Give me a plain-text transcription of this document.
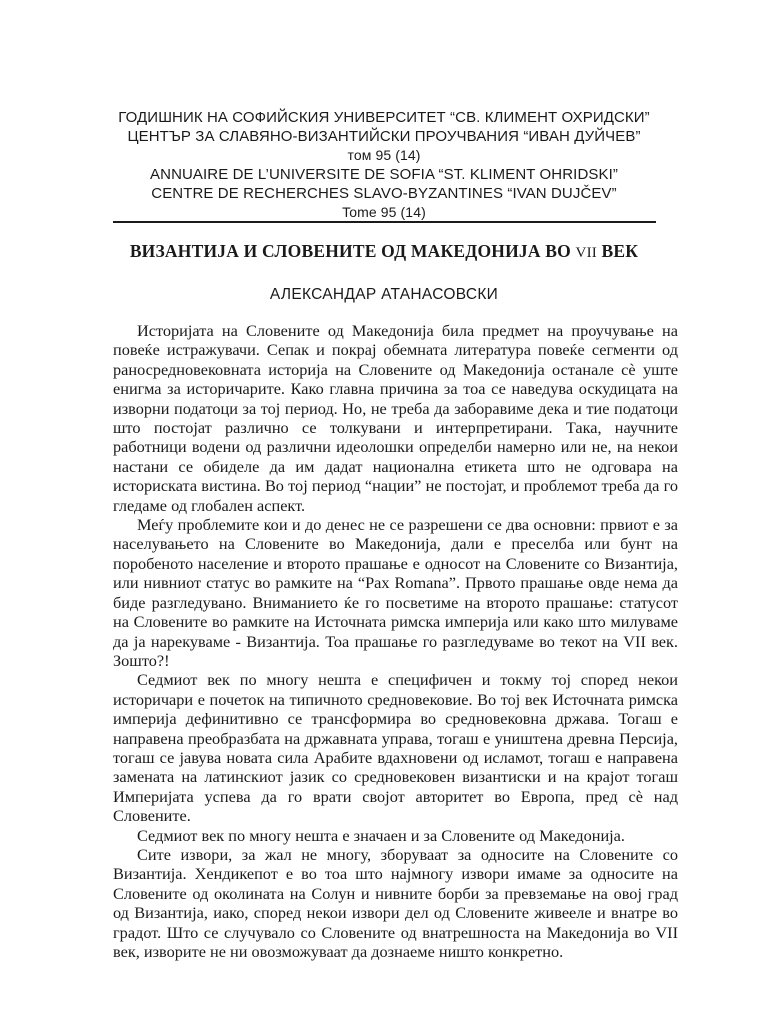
ГОДИШНИК НА СОФИЙСКИЯ УНИВЕРСИТЕТ “СВ. КЛИМЕНТ ОХРИДСКИ”
ЦЕНТЪР ЗА СЛАВЯНО-ВИЗАНТИЙСКИ ПРОУЧВАНИЯ “ИВАН ДУЙЧЕВ”
том 95 (14)
ANNUAIRE DE L’UNIVERSITE DE SOFIA “ST. KLIMENT OHRIDSKI”
CENTRE DE RECHERCHES SLAVO-BYZANTINES “IVAN DUJČEV”
Tome 95 (14)
ВИЗАНТИЈА И СЛОВЕНИТЕ ОД МАКЕДОНИЈА ВО VII ВЕК
АЛЕКСАНДАР АТАНАСОВСКИ

Историјата на Словените од Македонија била предмет на проучување на повеќе истражувачи. Сепак и покрај обемната литература повеќе сегменти од раносредновековната историја на Словените од Македонија останале сѐ уште енигма за историчарите. Како главна причина за тоа се наведува оскудицата на изворни податоци за тој период. Но, не треба да заборавиме дека и тие податоци што постојат различно се толкувани и интерпретирани. Така, научните работници водени од различни идеолошки определби намерно или не, на некои настани се обиделе да им дадат национална етикета што не одговара на историската вистина. Во тој период “нации” не постојат, и проблемот треба да го гледаме од глобален аспект.

Меѓу проблемите кои и до денес не се разрешени се два основни: првиот е за населувањето на Словените во Македонија, дали е преселба или бунт на поробеното население и второто прашање е односот на Словените со Византија, или нивниот статус во рамките на “Pax Romana”. Првото прашање овде нема да биде разгледувано. Вниманието ќе го посветиме на второто прашање: статусот на Словените во рамките на Источната римска империја или како што милуваме да ја нарекуваме - Византија. Тоа прашање го разгледуваме во текот на VII век. Зошто?!

Седмиот век по многу нешта е специфичен и токму тој според некои историчари е почеток на типичното средновековие. Во тој век Источната римска империја дефинитивно се трансформира во средновековна држава. Тогаш е направена преобразбата на државната управа, тогаш е уништена древна Персија, тогаш се јавува новата сила Арабите вдахновени од исламот, тогаш е направена замената на латинскиот јазик со средновековен византиски и на крајот тогаш Империјата успева да го врати својот авторитет во Европа, пред сѐ над Словените.

Седмиот век по многу нешта е значаен и за Словените од Македонија.

Сите извори, за жал не многу, зборуваат за односите на Словените со Византија. Хендикепот е во тоа што најмногу извори имаме за односите на Словените од околината на Солун и нивните борби за превземање на овој град од Византија, иако, според некои извори дел од Словените живееле и внатре во градот. Што се случувало со Словените од внатрешноста на Македонија во VII век, изворите не ни овозможуваат да дознаеме ништо конкретно.
